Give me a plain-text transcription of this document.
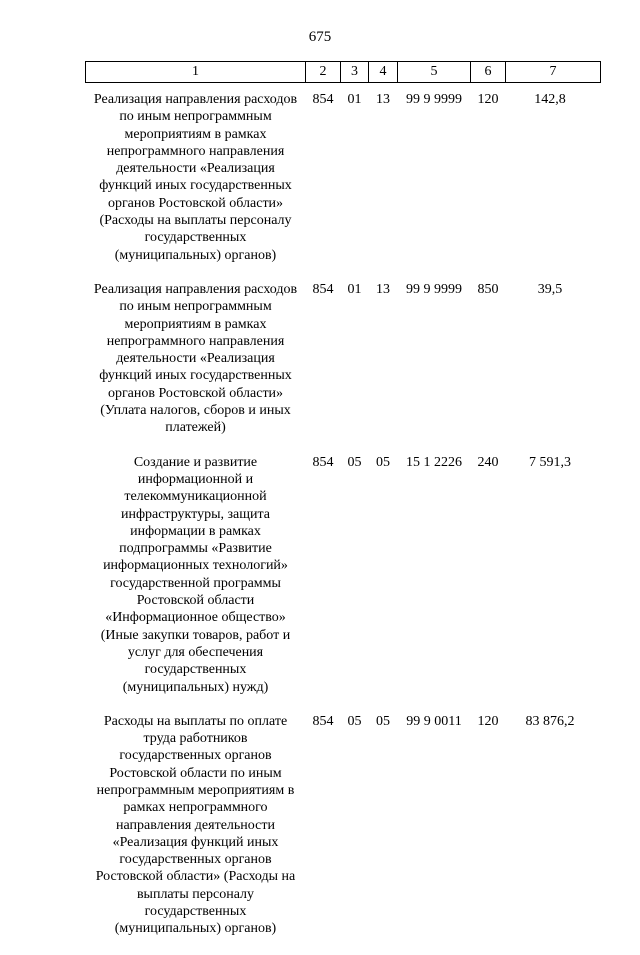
675
1	2	3	4	5	6	7
Реализация направления расходов по иным непрограммным мероприятиям в рамках непрограммного направления деятельности «Реализация функций иных государственных органов Ростовской области» (Расходы на выплаты персоналу государственных (муниципальных) органов)	854	01	13	99 9 9999	120	142,8
Реализация направления расходов по иным непрограммным мероприятиям в рамках непрограммного направления деятельности «Реализация функций иных государственных органов Ростовской области» (Уплата налогов, сборов и иных платежей)	854	01	13	99 9 9999	850	39,5
Создание и развитие информационной и телекоммуникационной инфраструктуры, защита информации в рамках подпрограммы «Развитие информационных технологий» государственной программы Ростовской области «Информационное общество» (Иные закупки товаров, работ и услуг для обеспечения государственных (муниципальных) нужд)	854	05	05	15 1 2226	240	7 591,3
Расходы на выплаты по оплате труда работников государственных органов Ростовской области по иным непрограммным мероприятиям в рамках непрограммного направления деятельности «Реализация функций иных государственных органов Ростовской области» (Расходы на выплаты персоналу государственных (муниципальных) органов)	854	05	05	99 9 0011	120	83 876,2
